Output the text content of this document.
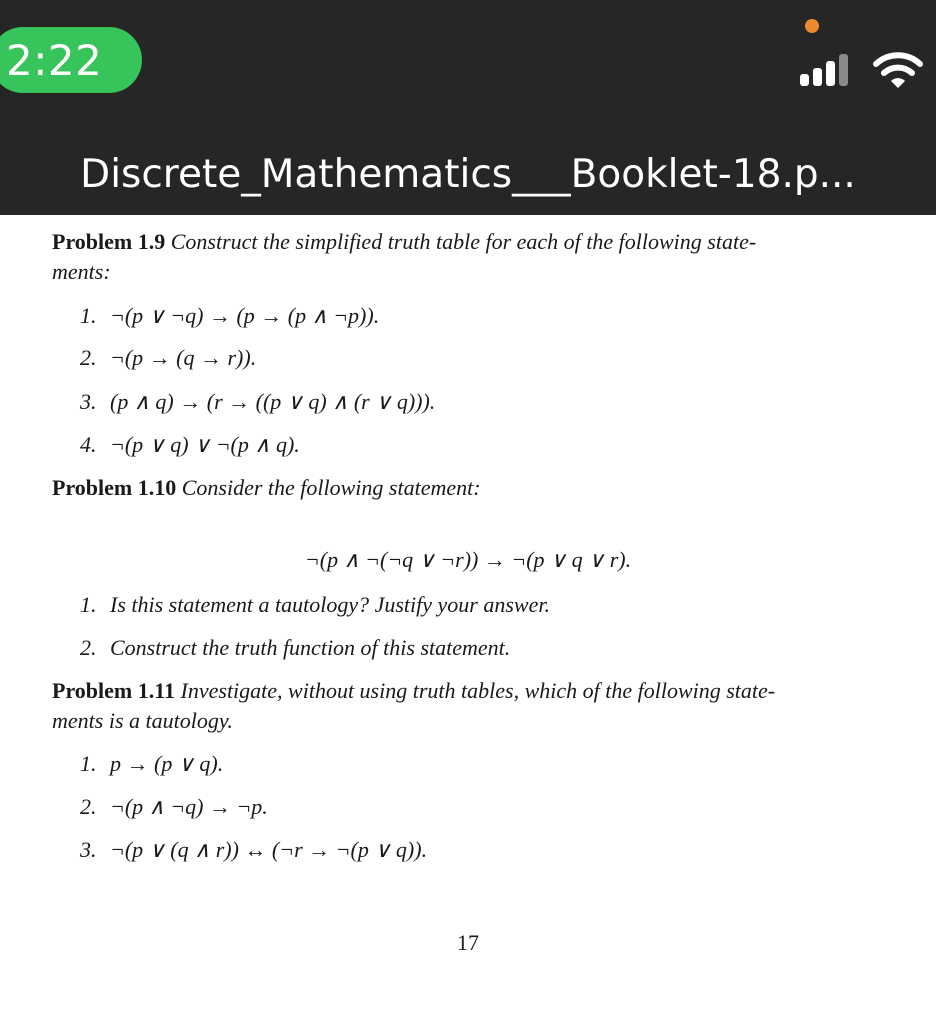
2:22
Discrete_Mathematics___Booklet-18.p...
Problem 1.9 Construct the simplified truth table for each of the following state-
ments:
1. ¬(p ∨ ¬q) → (p → (p ∧ ¬p)).
2. ¬(p → (q → r)).
3. (p ∧ q) → (r → ((p ∨ q) ∧ (r ∨ q))).
4. ¬(p ∨ q) ∨ ¬(p ∧ q).
Problem 1.10 Consider the following statement:
¬(p ∧ ¬(¬q ∨ ¬r)) → ¬(p ∨ q ∨ r).
1. Is this statement a tautology? Justify your answer.
2. Construct the truth function of this statement.
Problem 1.11 Investigate, without using truth tables, which of the following state-
ments is a tautology.
1. p → (p ∨ q).
2. ¬(p ∧ ¬q) → ¬p.
3. ¬(p ∨ (q ∧ r)) ↔ (¬r → ¬(p ∨ q)).
17
